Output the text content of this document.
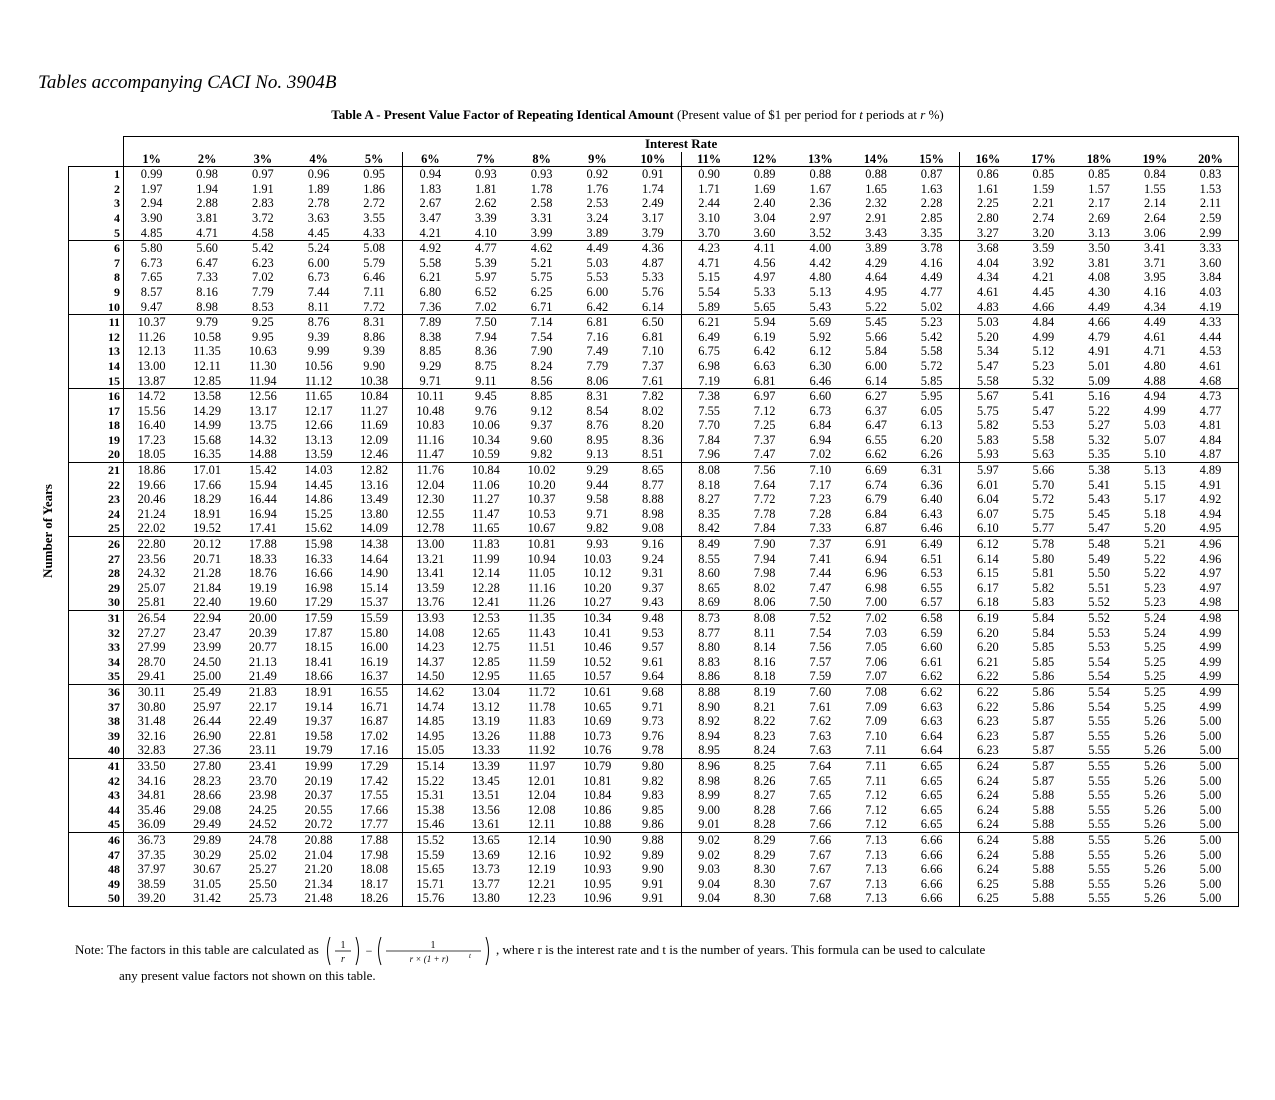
Tables accompanying CACI No. 3904B
Table A - Present Value Factor of Repeating Identical Amount (Present value of $1 per period for t periods at r %)
Number of Years
	Interest Rate																			
	1%	2%	3%	4%	5%	6%	7%	8%	9%	10%	11%	12%	13%	14%	15%	16%	17%	18%	19%	20%
1	0.99	0.98	0.97	0.96	0.95	0.94	0.93	0.93	0.92	0.91	0.90	0.89	0.88	0.88	0.87	0.86	0.85	0.85	0.84	0.83
2	1.97	1.94	1.91	1.89	1.86	1.83	1.81	1.78	1.76	1.74	1.71	1.69	1.67	1.65	1.63	1.61	1.59	1.57	1.55	1.53
3	2.94	2.88	2.83	2.78	2.72	2.67	2.62	2.58	2.53	2.49	2.44	2.40	2.36	2.32	2.28	2.25	2.21	2.17	2.14	2.11
4	3.90	3.81	3.72	3.63	3.55	3.47	3.39	3.31	3.24	3.17	3.10	3.04	2.97	2.91	2.85	2.80	2.74	2.69	2.64	2.59
5	4.85	4.71	4.58	4.45	4.33	4.21	4.10	3.99	3.89	3.79	3.70	3.60	3.52	3.43	3.35	3.27	3.20	3.13	3.06	2.99
6	5.80	5.60	5.42	5.24	5.08	4.92	4.77	4.62	4.49	4.36	4.23	4.11	4.00	3.89	3.78	3.68	3.59	3.50	3.41	3.33
7	6.73	6.47	6.23	6.00	5.79	5.58	5.39	5.21	5.03	4.87	4.71	4.56	4.42	4.29	4.16	4.04	3.92	3.81	3.71	3.60
8	7.65	7.33	7.02	6.73	6.46	6.21	5.97	5.75	5.53	5.33	5.15	4.97	4.80	4.64	4.49	4.34	4.21	4.08	3.95	3.84
9	8.57	8.16	7.79	7.44	7.11	6.80	6.52	6.25	6.00	5.76	5.54	5.33	5.13	4.95	4.77	4.61	4.45	4.30	4.16	4.03
10	9.47	8.98	8.53	8.11	7.72	7.36	7.02	6.71	6.42	6.14	5.89	5.65	5.43	5.22	5.02	4.83	4.66	4.49	4.34	4.19
11	10.37	9.79	9.25	8.76	8.31	7.89	7.50	7.14	6.81	6.50	6.21	5.94	5.69	5.45	5.23	5.03	4.84	4.66	4.49	4.33
12	11.26	10.58	9.95	9.39	8.86	8.38	7.94	7.54	7.16	6.81	6.49	6.19	5.92	5.66	5.42	5.20	4.99	4.79	4.61	4.44
13	12.13	11.35	10.63	9.99	9.39	8.85	8.36	7.90	7.49	7.10	6.75	6.42	6.12	5.84	5.58	5.34	5.12	4.91	4.71	4.53
14	13.00	12.11	11.30	10.56	9.90	9.29	8.75	8.24	7.79	7.37	6.98	6.63	6.30	6.00	5.72	5.47	5.23	5.01	4.80	4.61
15	13.87	12.85	11.94	11.12	10.38	9.71	9.11	8.56	8.06	7.61	7.19	6.81	6.46	6.14	5.85	5.58	5.32	5.09	4.88	4.68
16	14.72	13.58	12.56	11.65	10.84	10.11	9.45	8.85	8.31	7.82	7.38	6.97	6.60	6.27	5.95	5.67	5.41	5.16	4.94	4.73
17	15.56	14.29	13.17	12.17	11.27	10.48	9.76	9.12	8.54	8.02	7.55	7.12	6.73	6.37	6.05	5.75	5.47	5.22	4.99	4.77
18	16.40	14.99	13.75	12.66	11.69	10.83	10.06	9.37	8.76	8.20	7.70	7.25	6.84	6.47	6.13	5.82	5.53	5.27	5.03	4.81
19	17.23	15.68	14.32	13.13	12.09	11.16	10.34	9.60	8.95	8.36	7.84	7.37	6.94	6.55	6.20	5.83	5.58	5.32	5.07	4.84
20	18.05	16.35	14.88	13.59	12.46	11.47	10.59	9.82	9.13	8.51	7.96	7.47	7.02	6.62	6.26	5.93	5.63	5.35	5.10	4.87
21	18.86	17.01	15.42	14.03	12.82	11.76	10.84	10.02	9.29	8.65	8.08	7.56	7.10	6.69	6.31	5.97	5.66	5.38	5.13	4.89
22	19.66	17.66	15.94	14.45	13.16	12.04	11.06	10.20	9.44	8.77	8.18	7.64	7.17	6.74	6.36	6.01	5.70	5.41	5.15	4.91
23	20.46	18.29	16.44	14.86	13.49	12.30	11.27	10.37	9.58	8.88	8.27	7.72	7.23	6.79	6.40	6.04	5.72	5.43	5.17	4.92
24	21.24	18.91	16.94	15.25	13.80	12.55	11.47	10.53	9.71	8.98	8.35	7.78	7.28	6.84	6.43	6.07	5.75	5.45	5.18	4.94
25	22.02	19.52	17.41	15.62	14.09	12.78	11.65	10.67	9.82	9.08	8.42	7.84	7.33	6.87	6.46	6.10	5.77	5.47	5.20	4.95
26	22.80	20.12	17.88	15.98	14.38	13.00	11.83	10.81	9.93	9.16	8.49	7.90	7.37	6.91	6.49	6.12	5.78	5.48	5.21	4.96
27	23.56	20.71	18.33	16.33	14.64	13.21	11.99	10.94	10.03	9.24	8.55	7.94	7.41	6.94	6.51	6.14	5.80	5.49	5.22	4.96
28	24.32	21.28	18.76	16.66	14.90	13.41	12.14	11.05	10.12	9.31	8.60	7.98	7.44	6.96	6.53	6.15	5.81	5.50	5.22	4.97
29	25.07	21.84	19.19	16.98	15.14	13.59	12.28	11.16	10.20	9.37	8.65	8.02	7.47	6.98	6.55	6.17	5.82	5.51	5.23	4.97
30	25.81	22.40	19.60	17.29	15.37	13.76	12.41	11.26	10.27	9.43	8.69	8.06	7.50	7.00	6.57	6.18	5.83	5.52	5.23	4.98
31	26.54	22.94	20.00	17.59	15.59	13.93	12.53	11.35	10.34	9.48	8.73	8.08	7.52	7.02	6.58	6.19	5.84	5.52	5.24	4.98
32	27.27	23.47	20.39	17.87	15.80	14.08	12.65	11.43	10.41	9.53	8.77	8.11	7.54	7.03	6.59	6.20	5.84	5.53	5.24	4.99
33	27.99	23.99	20.77	18.15	16.00	14.23	12.75	11.51	10.46	9.57	8.80	8.14	7.56	7.05	6.60	6.20	5.85	5.53	5.25	4.99
34	28.70	24.50	21.13	18.41	16.19	14.37	12.85	11.59	10.52	9.61	8.83	8.16	7.57	7.06	6.61	6.21	5.85	5.54	5.25	4.99
35	29.41	25.00	21.49	18.66	16.37	14.50	12.95	11.65	10.57	9.64	8.86	8.18	7.59	7.07	6.62	6.22	5.86	5.54	5.25	4.99
36	30.11	25.49	21.83	18.91	16.55	14.62	13.04	11.72	10.61	9.68	8.88	8.19	7.60	7.08	6.62	6.22	5.86	5.54	5.25	4.99
37	30.80	25.97	22.17	19.14	16.71	14.74	13.12	11.78	10.65	9.71	8.90	8.21	7.61	7.09	6.63	6.22	5.86	5.54	5.25	4.99
38	31.48	26.44	22.49	19.37	16.87	14.85	13.19	11.83	10.69	9.73	8.92	8.22	7.62	7.09	6.63	6.23	5.87	5.55	5.26	5.00
39	32.16	26.90	22.81	19.58	17.02	14.95	13.26	11.88	10.73	9.76	8.94	8.23	7.63	7.10	6.64	6.23	5.87	5.55	5.26	5.00
40	32.83	27.36	23.11	19.79	17.16	15.05	13.33	11.92	10.76	9.78	8.95	8.24	7.63	7.11	6.64	6.23	5.87	5.55	5.26	5.00
41	33.50	27.80	23.41	19.99	17.29	15.14	13.39	11.97	10.79	9.80	8.96	8.25	7.64	7.11	6.65	6.24	5.87	5.55	5.26	5.00
42	34.16	28.23	23.70	20.19	17.42	15.22	13.45	12.01	10.81	9.82	8.98	8.26	7.65	7.11	6.65	6.24	5.87	5.55	5.26	5.00
43	34.81	28.66	23.98	20.37	17.55	15.31	13.51	12.04	10.84	9.83	8.99	8.27	7.65	7.12	6.65	6.24	5.88	5.55	5.26	5.00
44	35.46	29.08	24.25	20.55	17.66	15.38	13.56	12.08	10.86	9.85	9.00	8.28	7.66	7.12	6.65	6.24	5.88	5.55	5.26	5.00
45	36.09	29.49	24.52	20.72	17.77	15.46	13.61	12.11	10.88	9.86	9.01	8.28	7.66	7.12	6.65	6.24	5.88	5.55	5.26	5.00
46	36.73	29.89	24.78	20.88	17.88	15.52	13.65	12.14	10.90	9.88	9.02	8.29	7.66	7.13	6.66	6.24	5.88	5.55	5.26	5.00
47	37.35	30.29	25.02	21.04	17.98	15.59	13.69	12.16	10.92	9.89	9.02	8.29	7.67	7.13	6.66	6.24	5.88	5.55	5.26	5.00
48	37.97	30.67	25.27	21.20	18.08	15.65	13.73	12.19	10.93	9.90	9.03	8.30	7.67	7.13	6.66	6.24	5.88	5.55	5.26	5.00
49	38.59	31.05	25.50	21.34	18.17	15.71	13.77	12.21	10.95	9.91	9.04	8.30	7.67	7.13	6.66	6.25	5.88	5.55	5.26	5.00
50	39.20	31.42	25.73	21.48	18.26	15.76	13.80	12.23	10.96	9.91	9.04	8.30	7.68	7.13	6.66	6.25	5.88	5.55	5.26	5.00
Note: The factors in this table are calculated as 1
r
−	1
r × (1 + r)	t , where r is the interest rate and t is the number of years. This formula can be used to calculate
any present value factors not shown on this table.
